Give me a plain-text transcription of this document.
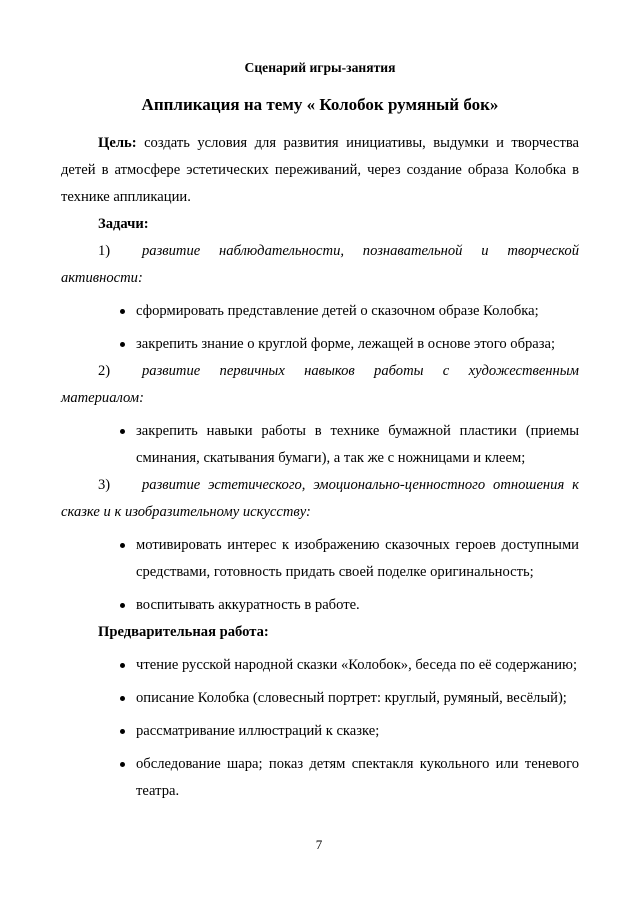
Сценарий игры-занятия
Аппликация на тему « Колобок румяный бок»

Цель: создать условия для развития инициативы, выдумки и творчества детей в атмосфере эстетических переживаний, через создание образа Колобка в технике аппликации.

Задачи:
1) развитие наблюдательности, познавательной и творческой
активности:
сформировать представление детей о сказочном образе Колобка;
закрепить знание о круглой форме, лежащей в основе этого образа;
2) развитие первичных навыков работы с художественным
материалом:
закрепить навыки работы в технике бумажной пластики (приемы сминания, скатывания бумаги), а так же с ножницами и клеем;
3) развитие эстетического, эмоционально-ценностного отношения к
сказке и к изобразительному искусству:
мотивировать интерес к изображению сказочных героев доступными средствами, готовность придать своей поделке оригинальность;
воспитывать аккуратность в работе.
Предварительная работа:
чтение русской народной сказки «Колобок», беседа по её содержанию;
описание Колобка (словесный портрет: круглый, румяный, весёлый);
рассматривание иллюстраций к сказке;
обследование шара; показ детям спектакля кукольного или теневого театра.
7
